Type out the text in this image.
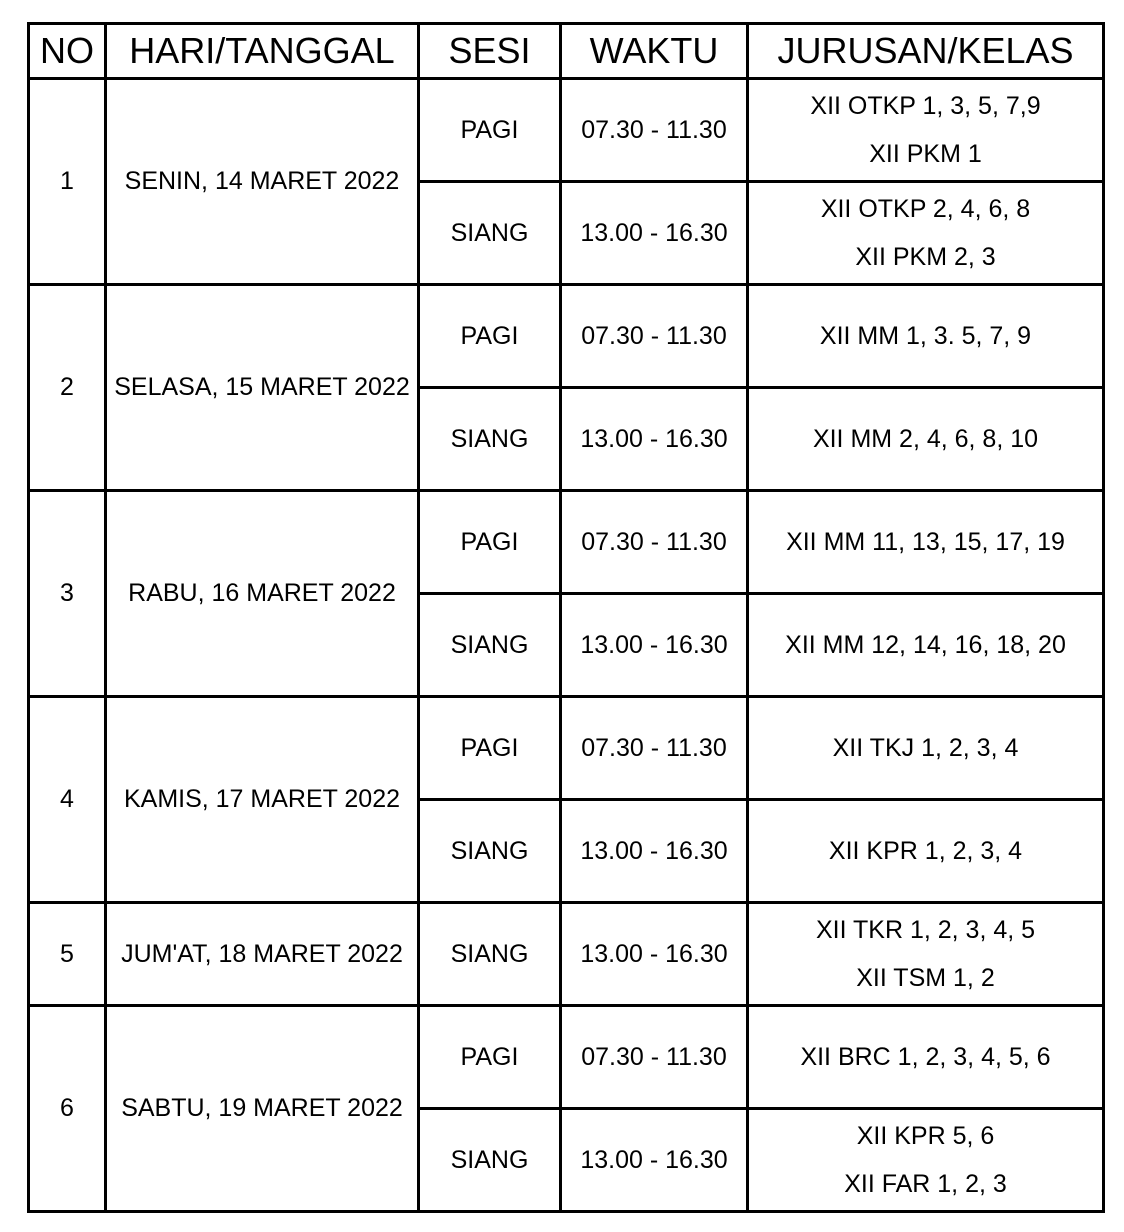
NO	HARI/TANGGAL	SESI	WAKTU	JURUSAN/KELAS
1	SENIN, 14 MARET 2022	PAGI	07.30 - 11.30	XII OTKP 1, 3, 5, 7,9
XII PKM 1

		SIANG	13.00 - 16.30	XII OTKP 2, 4, 6, 8
XII PKM 2, 3

2	SELASA, 15 MARET 2022	PAGI	07.30 - 11.30	XII MM 1, 3. 5, 7, 9
		SIANG	13.00 - 16.30	XII MM 2, 4, 6, 8, 10
3	RABU, 16 MARET 2022	PAGI	07.30 - 11.30	XII MM 11, 13, 15, 17, 19
		SIANG	13.00 - 16.30	XII MM 12, 14, 16, 18, 20
4	KAMIS, 17 MARET 2022	PAGI	07.30 - 11.30	XII TKJ 1, 2, 3, 4
		SIANG	13.00 - 16.30	XII KPR 1, 2, 3, 4
5	JUM'AT, 18 MARET 2022	SIANG	13.00 - 16.30	XII TKR 1, 2, 3, 4, 5
XII TSM 1, 2

6	SABTU, 19 MARET 2022	PAGI	07.30 - 11.30	XII BRC 1, 2, 3, 4, 5, 6
		SIANG	13.00 - 16.30	XII KPR 5, 6
XII FAR 1, 2, 3
